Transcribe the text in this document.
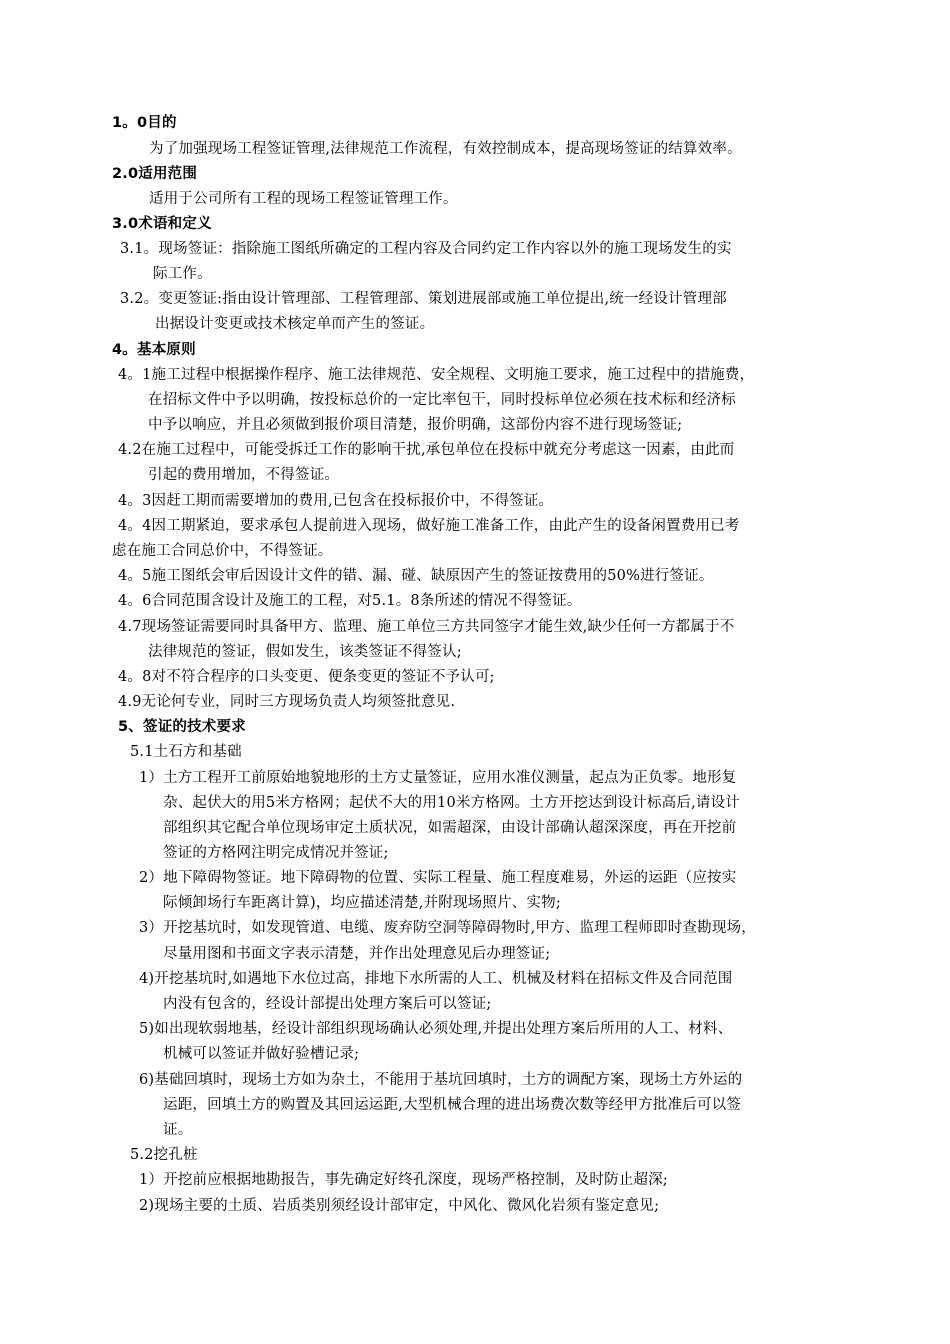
1。0目的
为了加强现场工程签证管理,法律规范工作流程，有效控制成本，提高现场签证的结算效率。
2.0适用范围
适用于公司所有工程的现场工程签证管理工作。
3.0术语和定义
3.1。现场签证：指除施工图纸所确定的工程内容及合同约定工作内容以外的施工现场发生的实
际工作。
3.2。变更签证:指由设计管理部、工程管理部、策划进展部或施工单位提出,统一经设计管理部
出据设计变更或技术核定单而产生的签证。
4。基本原则
4。1施工过程中根据操作程序、施工法律规范、安全规程、文明施工要求，施工过程中的措施费，
在招标文件中予以明确，按投标总价的一定比率包干，同时投标单位必须在技术标和经济标
中予以响应，并且必须做到报价项目清楚，报价明确，这部份内容不进行现场签证;
4.2在施工过程中，可能受拆迁工作的影响干扰,承包单位在投标中就充分考虑这一因素，由此而
引起的费用增加，不得签证。
4。3因赶工期而需要增加的费用,已包含在投标报价中，不得签证。
4。4因工期紧迫，要求承包人提前进入现场，做好施工准备工作，由此产生的设备闲置费用已考
虑在施工合同总价中，不得签证。
4。5施工图纸会审后因设计文件的错、漏、碰、缺原因产生的签证按费用的50%进行签证。
4。6合同范围含设计及施工的工程，对5.1。8条所述的情况不得签证。
4.7现场签证需要同时具备甲方、监理、施工单位三方共同签字才能生效,缺少任何一方都属于不
法律规范的签证，假如发生，该类签证不得签认;
4。8对不符合程序的口头变更、便条变更的签证不予认可;
4.9无论何专业，同时三方现场负责人均须签批意见.
5、签证的技术要求
5.1土石方和基础
1）土方工程开工前原始地貌地形的土方丈量签证，应用水准仪测量，起点为正负零。地形复
杂、起伏大的用5米方格网；起伏不大的用10米方格网。土方开挖达到设计标高后,请设计
部组织其它配合单位现场审定土质状况，如需超深，由设计部确认超深深度，再在开挖前
签证的方格网注明完成情况并签证;
2）地下障碍物签证。地下障碍物的位置、实际工程量、施工程度难易，外运的运距（应按实
际倾卸场行车距离计算)，均应描述清楚,并附现场照片、实物;
3）开挖基坑时，如发现管道、电缆、废弃防空洞等障碍物时,甲方、监理工程师即时查勘现场，
尽量用图和书面文字表示清楚，并作出处理意见后办理签证;
4)开挖基坑时,如遇地下水位过高，排地下水所需的人工、机械及材料在招标文件及合同范围
内没有包含的，经设计部提出处理方案后可以签证;
5)如出现软弱地基，经设计部组织现场确认必须处理,并提出处理方案后所用的人工、材料、
机械可以签证并做好验槽记录;
6)基础回填时，现场土方如为杂土，不能用于基坑回填时，土方的调配方案，现场土方外运的
运距，回填土方的购置及其回运运距,大型机械合理的进出场费次数等经甲方批准后可以签
证。
5.2挖孔桩
1）开挖前应根据地勘报告，事先确定好终孔深度，现场严格控制，及时防止超深;
2)现场主要的土质、岩质类别须经设计部审定，中风化、微风化岩须有鉴定意见;
